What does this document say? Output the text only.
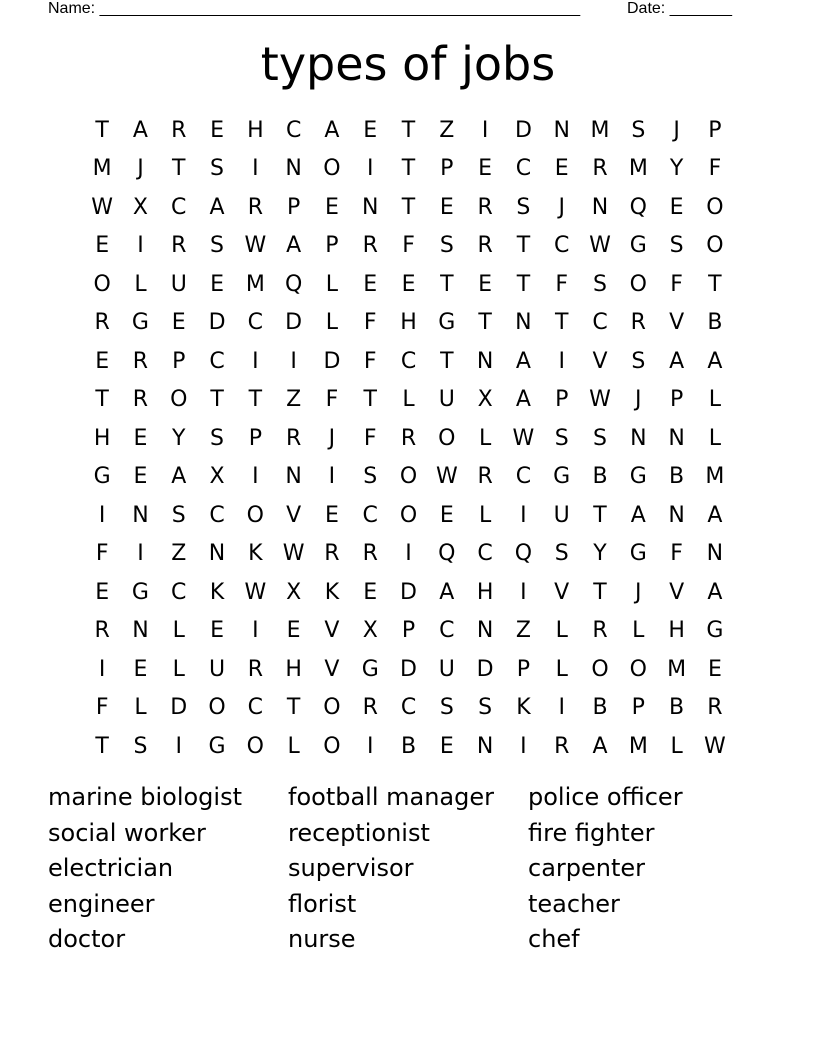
Name: ______________________________________________________	Date: _______
types of jobs
T	A	R	E	H	C	A	E	T	Z	I	D N M S	J	P
M	J	T	S	I	N O	I	T	P	E	C	E	R M	Y	F
W X	C	A	R	P	E	N	T	E	R	S	J	N Q	E	O
E	I	R	S W A	P	R	F	S	R	T	C W G	S	O
O	L	U	E M Q	L	E	E	T	E	T	F	S	O	F	T
R	G	E	D	C	D	L	F	H G	T	N	T	C	R	V	B
E	R	P	C	I	I	D	F	C	T	N	A	I	V	S	A	A
T	R O	T	T	Z	F	T	L	U	X	A	P W	J	P	L
H	E	Y	S	P	R	J	F	R O	L W S	S	N N	L
G	E	A	X	I	N	I	S	O W R	C	G	B	G	B M
I	N	S	C O	V	E	C O	E	L	I	U	T	A	N	A
F	I	Z	N	K W R	R	I	Q C Q	S	Y	G	F	N
E	G	C	K W X	K	E	D	A	H	I	V	T	J	V	A
R	N	L	E	I	E	V	X	P	C	N	Z	L	R	L	H G
I	E	L	U	R	H	V	G D U D	P	L	O O M E
F	L	D O C	T	O R	C	S	S	K	I	B	P	B	R
T	S	I	G O	L	O	I	B	E	N	I	R	A M	L W
marine biologist	football manager	police officer
social worker	receptionist	fire fighter
electrician	supervisor	carpenter
engineer	florist	teacher
doctor	nurse	chef
